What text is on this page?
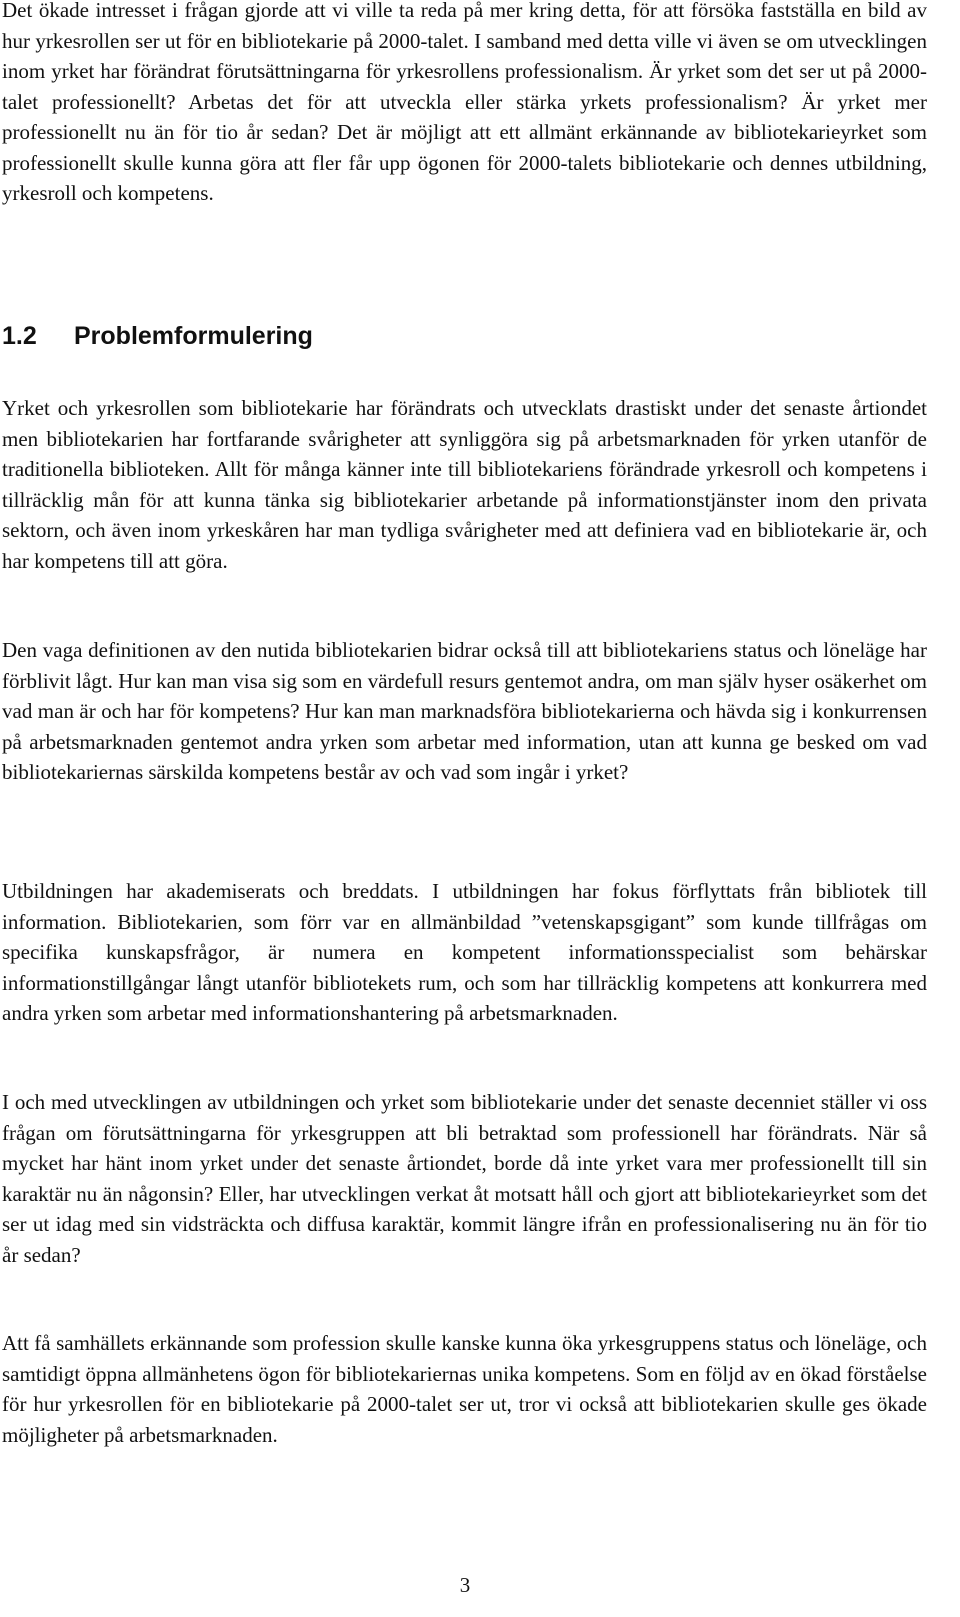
Det ökade intresset i frågan gjorde att vi ville ta reda på mer kring detta, för att försöka fastställa en bild av hur yrkesrollen ser ut för en bibliotekarie på 2000-talet. I samband med detta ville vi även se om utvecklingen inom yrket har förändrat förutsättningarna för yrkesrollens professionalism. Är yrket som det ser ut på 2000-talet professionellt? Arbetas det för att utveckla eller stärka yrkets professionalism? Är yrket mer professionellt nu än för tio år sedan? Det är möjligt att ett allmänt erkännande av bibliotekarieyrket som professionellt skulle kunna göra att fler får upp ögonen för 2000-talets bibliotekarie och dennes utbildning, yrkesroll och kompetens.

1.2 Problemformulering

Yrket och yrkesrollen som bibliotekarie har förändrats och utvecklats drastiskt under det senaste årtiondet men bibliotekarien har fortfarande svårigheter att synliggöra sig på arbetsmarknaden för yrken utanför de traditionella biblioteken. Allt för många känner inte till bibliotekariens förändrade yrkesroll och kompetens i tillräcklig mån för att kunna tänka sig bibliotekarier arbetande på informationstjänster inom den privata sektorn, och även inom yrkeskåren har man tydliga svårigheter med att definiera vad en bibliotekarie är, och har kompetens till att göra.

Den vaga definitionen av den nutida bibliotekarien bidrar också till att bibliotekariens status och löneläge har förblivit lågt. Hur kan man visa sig som en värdefull resurs gentemot andra, om man själv hyser osäkerhet om vad man är och har för kompetens? Hur kan man marknadsföra bibliotekarierna och hävda sig i konkurrensen på arbetsmarknaden gentemot andra yrken som arbetar med information, utan att kunna ge besked om vad bibliotekariernas särskilda kompetens består av och vad som ingår i yrket?

Utbildningen har akademiserats och breddats. I utbildningen har fokus förflyttats från bibliotek till information. Bibliotekarien, som förr var en allmänbildad ”vetenskapsgigant” som kunde tillfrågas om specifika kunskapsfrågor, är numera en kompetent informationsspecialist som behärskar informationstillgångar långt utanför bibliotekets rum, och som har tillräcklig kompetens att konkurrera med andra yrken som arbetar med informationshantering på arbetsmarknaden.

I och med utvecklingen av utbildningen och yrket som bibliotekarie under det senaste decenniet ställer vi oss frågan om förutsättningarna för yrkesgruppen att bli betraktad som professionell har förändrats. När så mycket har hänt inom yrket under det senaste årtiondet, borde då inte yrket vara mer professionellt till sin karaktär nu än någonsin? Eller, har utvecklingen verkat åt motsatt håll och gjort att bibliotekarieyrket som det ser ut idag med sin vidsträckta och diffusa karaktär, kommit längre ifrån en professionalisering nu än för tio år sedan?

Att få samhällets erkännande som profession skulle kanske kunna öka yrkesgruppens status och löneläge, och samtidigt öppna allmänhetens ögon för bibliotekariernas unika kompetens. Som en följd av en ökad förståelse för hur yrkesrollen för en bibliotekarie på 2000-talet ser ut, tror vi också att bibliotekarien skulle ges ökade möjligheter på arbetsmarknaden.

3
